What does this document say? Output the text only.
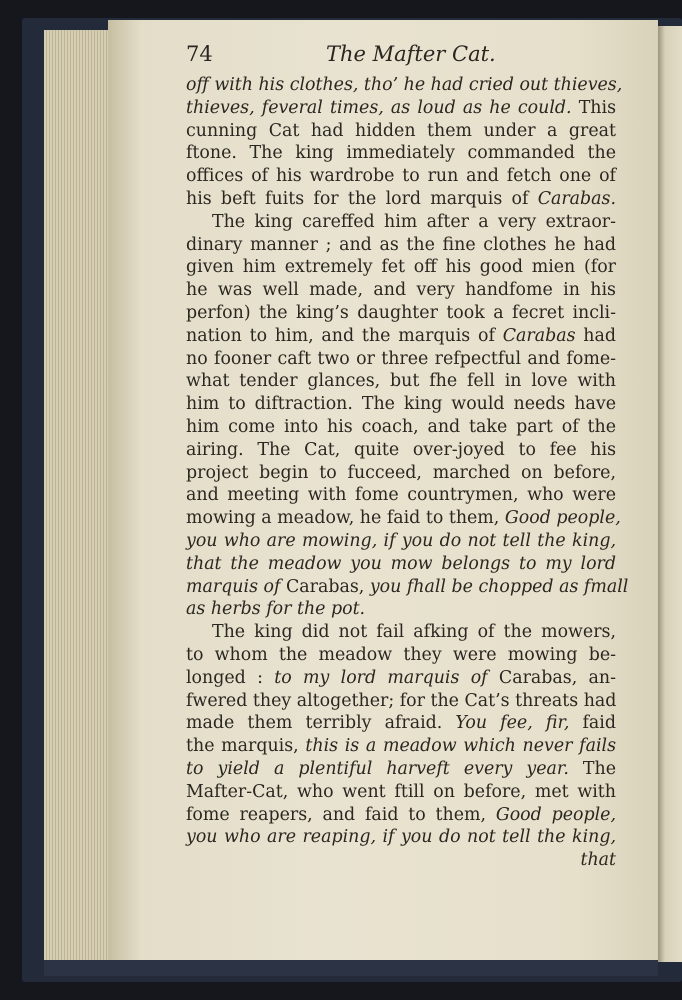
74	The Mafter Cat.
off with his clothes, tho’ he had cried out thieves,
thieves, feveral times, as loud as he could. This
cunning Cat had hidden them under a great
ftone. The king immediately commanded the
offices of his wardrobe to run and fetch one of
his beft fuits for the lord marquis of Carabas.
The king careffed him after a very extraor-
dinary manner ; and as the fine clothes he had
given him extremely fet off his good mien (for
he was well made, and very handfome in his
perfon) the king’s daughter took a fecret incli-
nation to him, and the marquis of Carabas had
no fooner caft two or three refpectful and fome-
what tender glances, but fhe fell in love with
him to diftraction. The king would needs have
him come into his coach, and take part of the
airing. The Cat, quite over-joyed to fee his
project begin to fucceed, marched on before,
and meeting with fome countrymen, who were
mowing a meadow, he faid to them, Good people,
you who are mowing, if you do not tell the king,
that the meadow you mow belongs to my lord
marquis of Carabas, you fhall be chopped as fmall
as herbs for the pot.
The king did not fail afking of the mowers,
to whom the meadow they were mowing be-
longed : to my lord marquis of Carabas, an-
fwered they altogether; for the Cat’s threats had
made them terribly afraid. You fee, fir, faid
the marquis, this is a meadow which never fails
to yield a plentiful harveft every year. The
Mafter-Cat, who went ftill on before, met with
fome reapers, and faid to them, Good people,
you who are reaping, if you do not tell the king,
that
